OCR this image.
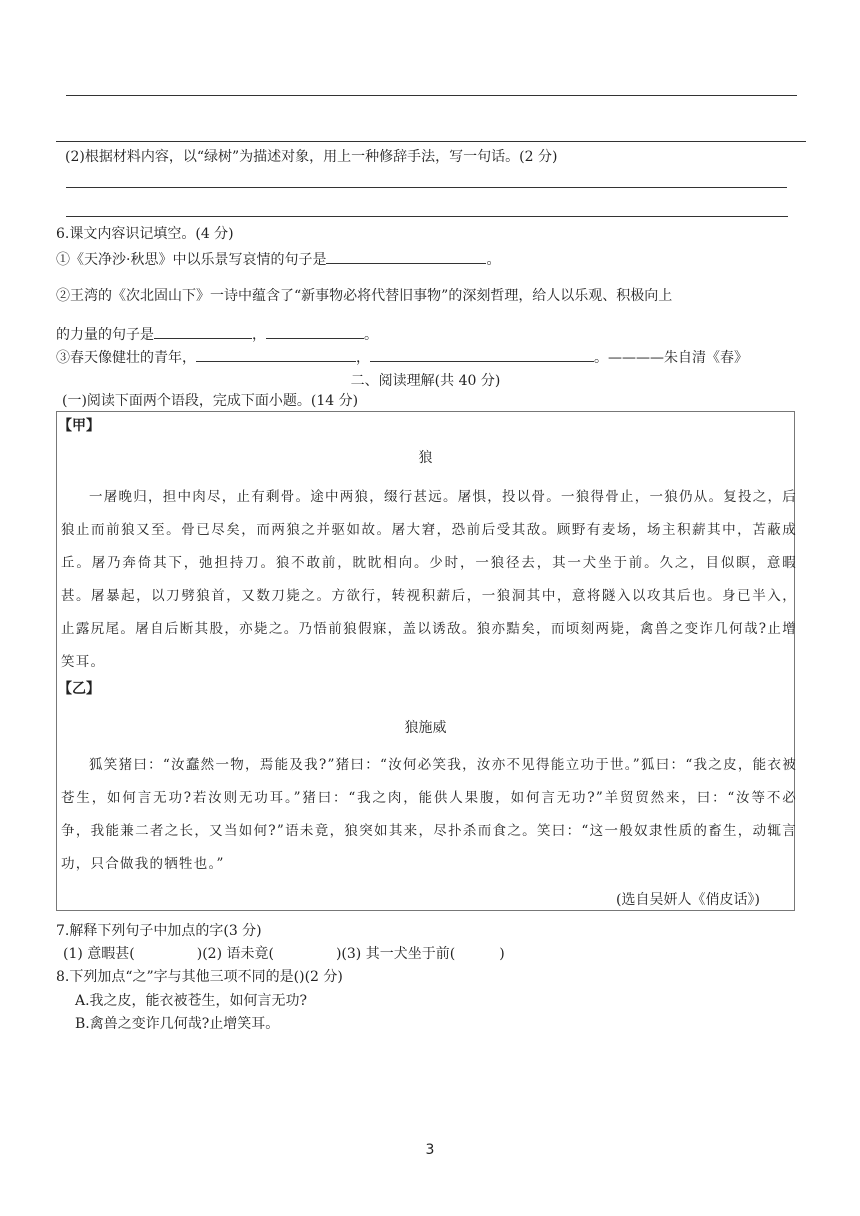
(2)根据材料内容，以“绿树”为描述对象，用上一种修辞手法，写一句话。(2 分)
6.课文内容识记填空。(4 分)
①《天净沙·秋思》中以乐景写哀情的句子是	。
②王湾的《次北固山下》一诗中蕴含了“新事物必将代替旧事物”的深刻哲理，给人以乐观、积极向上
的力量的句子是	，	。
③春天像健壮的青年，	，	。————朱自清《春》
二、阅读理解(共 40 分)
(一)阅读下面两个语段，完成下面小题。(14 分)
【甲】
狼
一屠晚归，担中肉尽，止有剩骨。途中两狼，缀行甚远。屠惧，投以骨。一狼得骨止，一狼仍从。复投之，后狼止而前狼又至。骨已尽矣，而两狼之并驱如故。屠大窘，恐前后受其敌。顾野有麦场，场主积薪其中，苫蔽成丘。屠乃奔倚其下，弛担持刀。狼不敢前，眈眈相向。少时，一狼径去，其一犬坐于前。久之，目似瞑，意暇甚。屠暴起，以刀劈狼首，又数刀毙之。方欲行，转视积薪后，一狼洞其中，意将隧入以攻其后也。身已半入，止露尻尾。屠自后断其股，亦毙之。乃悟前狼假寐，盖以诱敌。狼亦黠矣，而顷刻两毙，禽兽之变诈几何哉?止增笑耳。
【乙】
狼施威
狐笑猪曰：“汝蠢然一物，焉能及我?”猪曰：“汝何必笑我，汝亦不见得能立功于世。”狐曰：“我之皮，能衣被苍生，如何言无功?若汝则无功耳。”猪曰：“我之肉，能供人果腹，如何言无功?”羊贸贸然来，曰：“汝等不必争，我能兼二者之长，又当如何?”语未竟，狼突如其来，尽扑杀而食之。笑曰：“这一般奴隶性质的畜生，动辄言功，只合做我的牺牲也。”
(选自吴妍人《俏皮话》)
7.解释下列句子中加点的字(3 分)
(1) 意暇甚(	)(2) 语未竟(	)(3) 其一犬坐于前(	)
8.下列加点“之”字与其他三项不同的是()(2 分)
A.我之皮，能衣被苍生，如何言无功?
B.禽兽之变诈几何哉?止增笑耳。
3
